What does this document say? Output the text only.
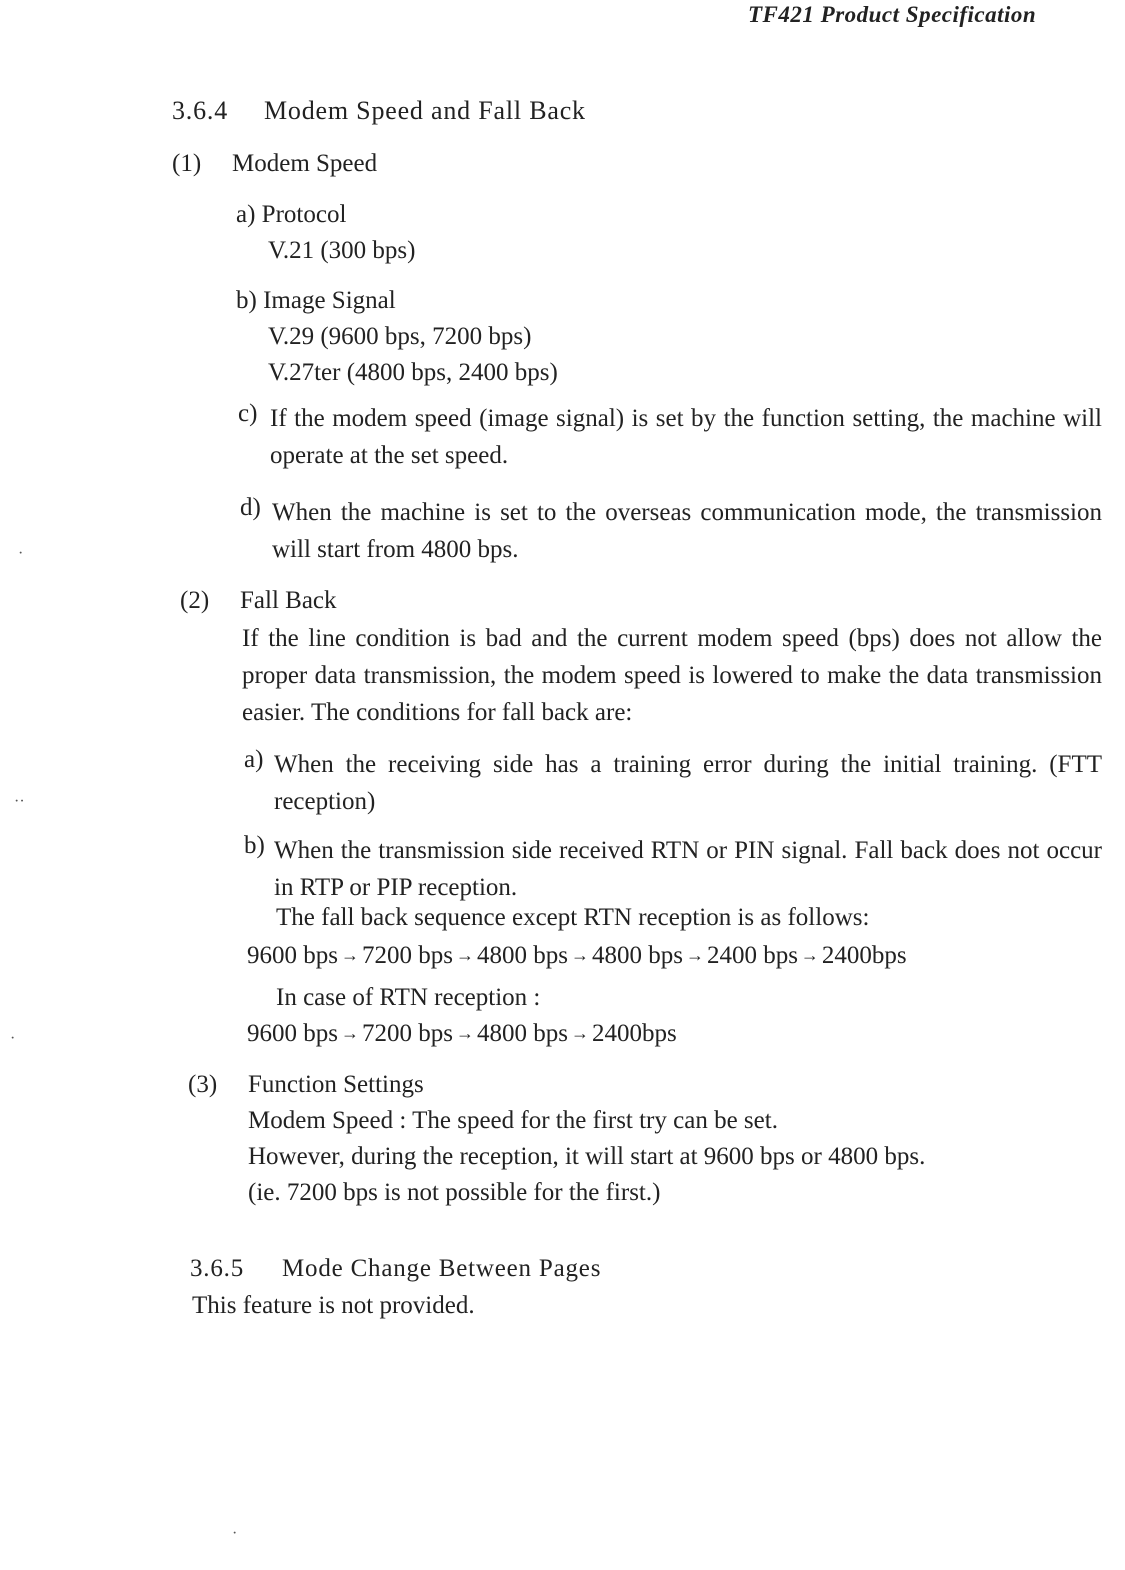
TF421 Product Specification
3.6.4 Modem Speed and Fall Back
(1) Modem Speed
a) Protocol
V.21 (300 bps)
b) Image Signal
V.29 (9600 bps, 7200 bps)
V.27ter (4800 bps, 2400 bps)
c) If the modem speed (image signal) is set by the function setting, the machine will operate at the set speed.
d) When the machine is set to the overseas communication mode, the transmission will start from 4800 bps.
(2) Fall Back
If the line condition is bad and the current modem speed (bps) does not allow the proper data transmission, the modem speed is lowered to make the data transmission easier. The conditions for fall back are:
a) When the receiving side has a training error during the initial training. (FTT reception)
b) When the transmission side received RTN or PIN signal. Fall back does not occur in RTP or PIP reception.
The fall back sequence except RTN reception is as follows:
9600 bps → 7200 bps → 4800 bps → 4800 bps → 2400 bps → 2400bps
In case of RTN reception :
9600 bps → 7200 bps → 4800 bps → 2400bps
(3) Function Settings
Modem Speed : The speed for the first try can be set.
However, during the reception, it will start at 9600 bps or 4800 bps.
(ie. 7200 bps is not possible for the first.)
3.6.5 Mode Change Between Pages
This feature is not provided.
·
··
·
·
